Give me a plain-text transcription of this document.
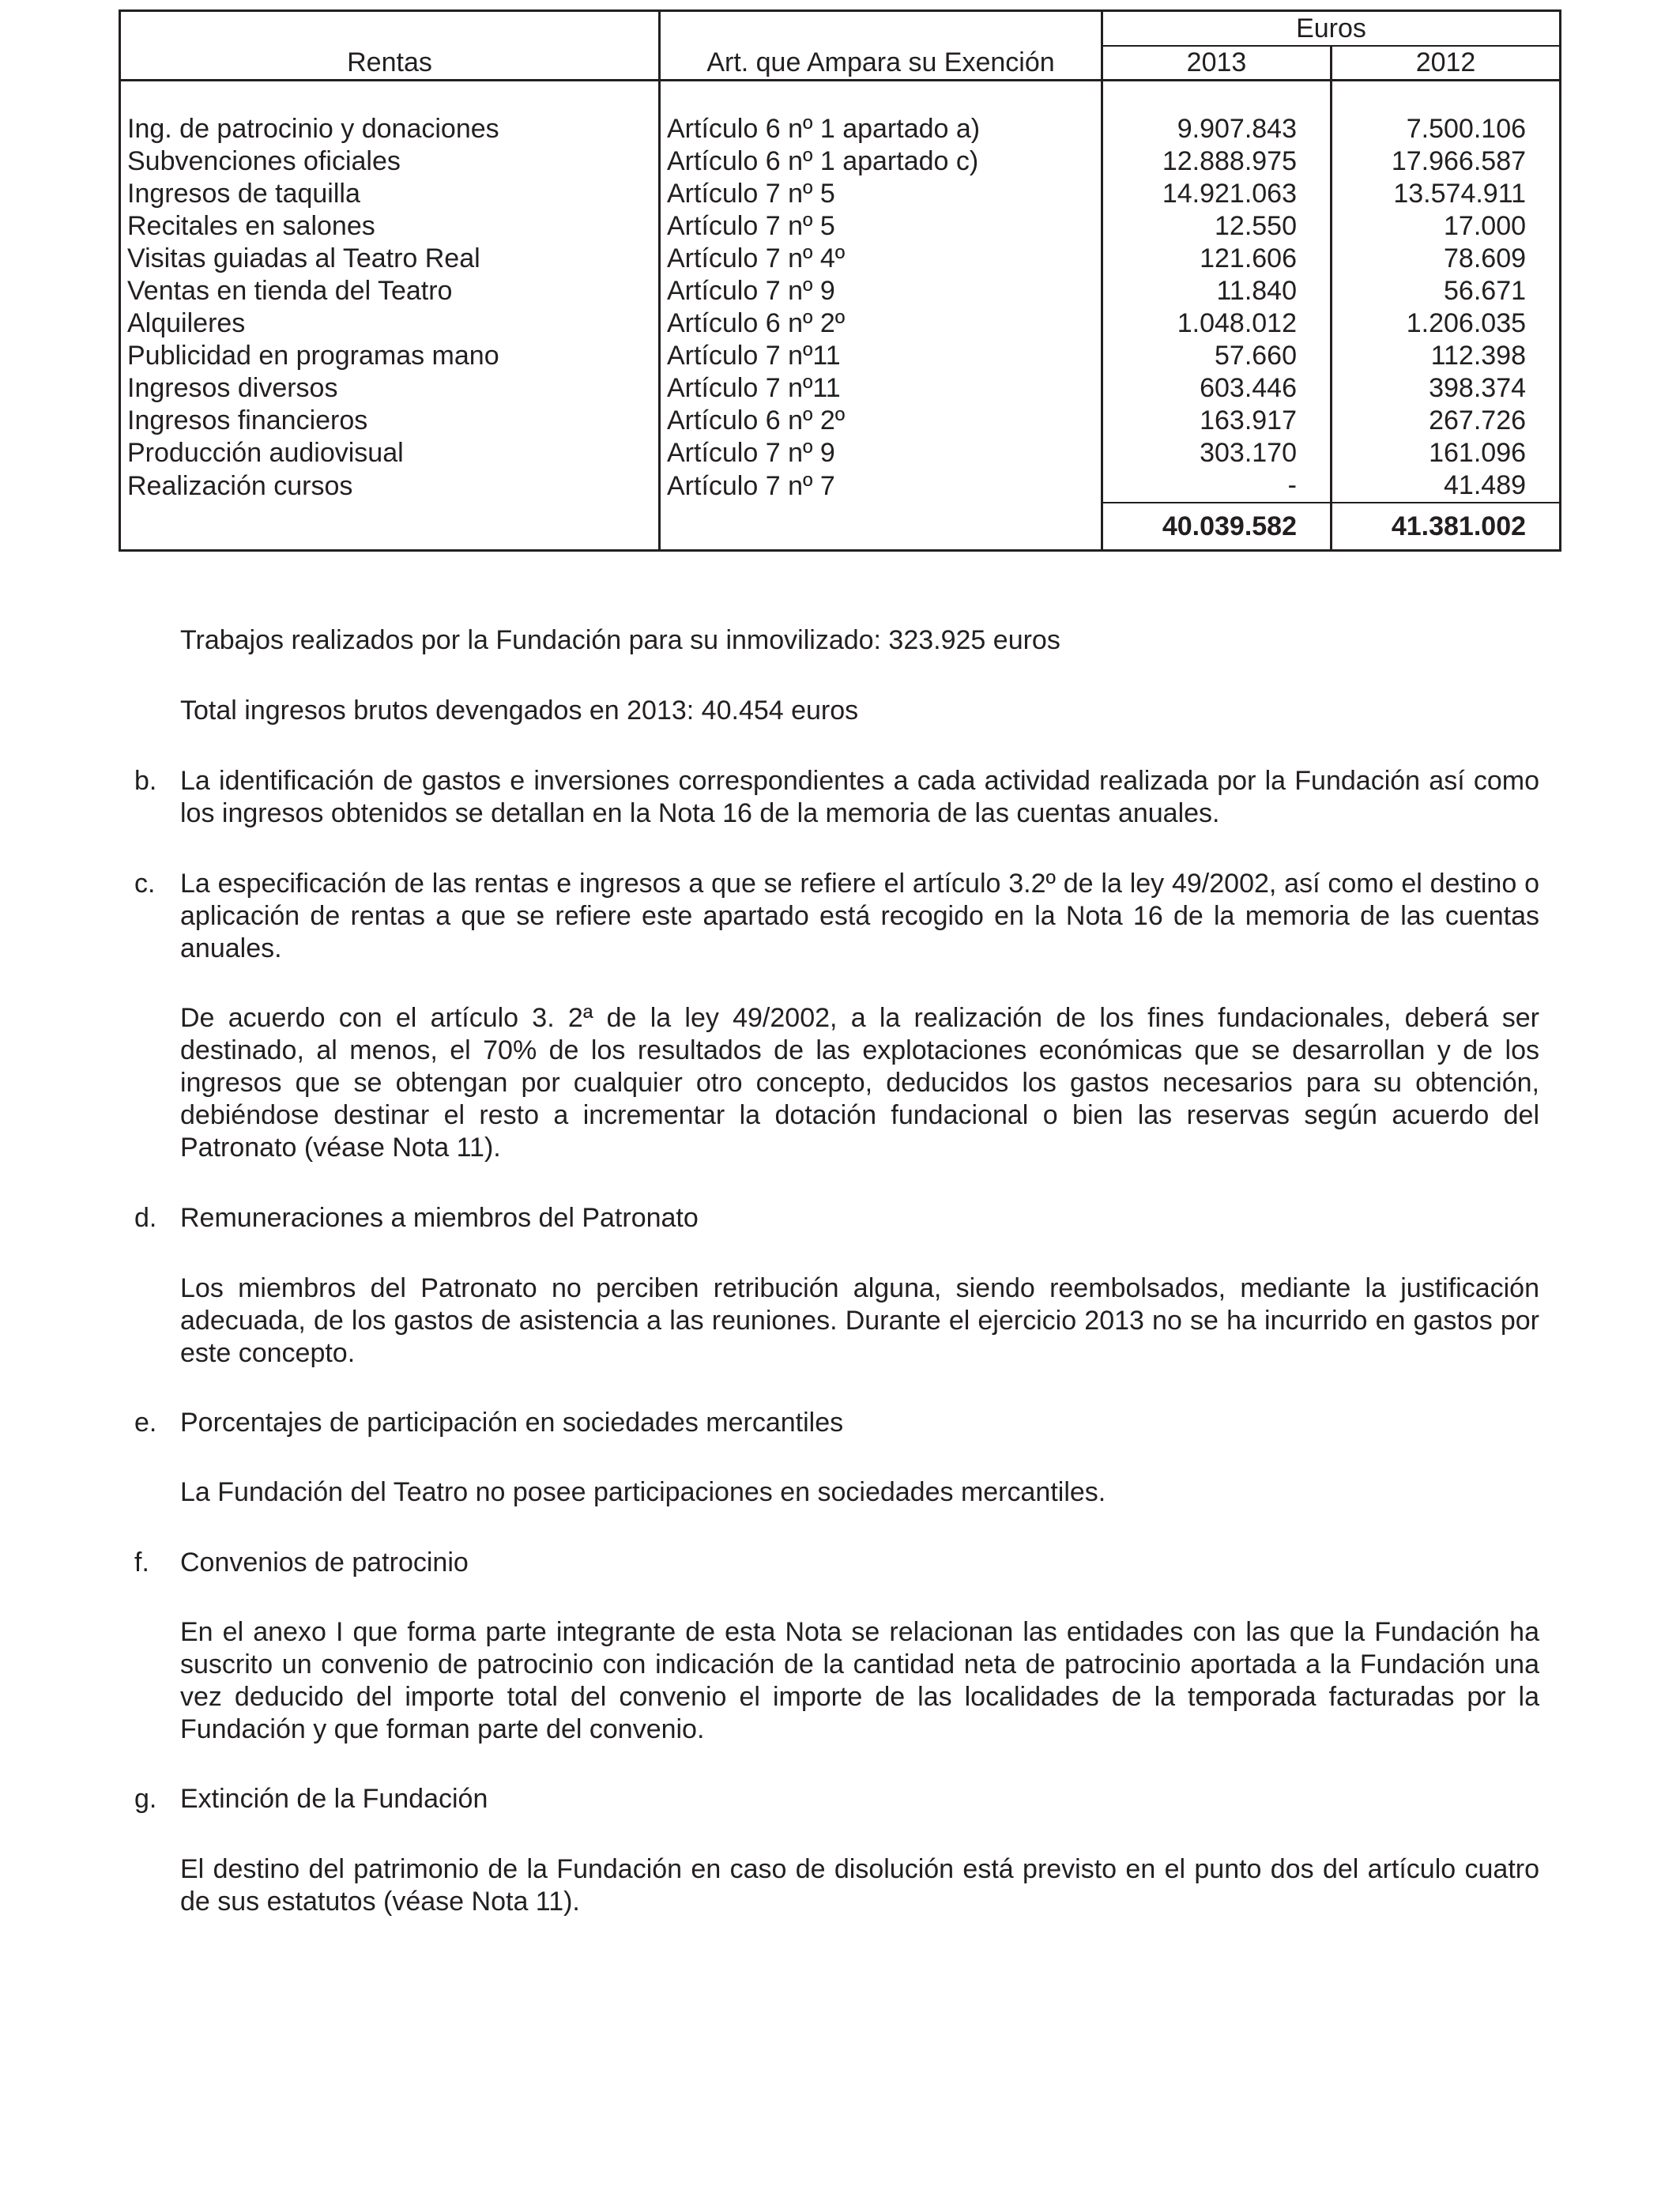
		Euros	
Rentas	Art. que Ampara su Exención	2013	2012

Ing. de patrocinio y donaciones	Artículo 6 nº 1 apartado a)	9.907.843	7.500.106
Subvenciones oficiales	Artículo 6 nº 1 apartado c)	12.888.975	17.966.587
Ingresos de taquilla	Artículo 7 nº 5	14.921.063	13.574.911
Recitales en salones	Artículo 7 nº 5	12.550	17.000
Visitas guiadas al Teatro Real	Artículo 7 nº 4º	121.606	78.609
Ventas en tienda del Teatro	Artículo 7 nº 9	11.840	56.671
Alquileres	Artículo 6 nº 2º	1.048.012	1.206.035
Publicidad en programas mano	Artículo 7 nº11	57.660	112.398
Ingresos diversos	Artículo 7 nº11	603.446	398.374
Ingresos financieros	Artículo 6 nº 2º	163.917	267.726
Producción audiovisual	Artículo 7 nº 9	303.170	161.096
Realización cursos	Artículo 7 nº 7	-	41.489
		40.039.582	41.381.002
Trabajos realizados por la Fundación para su inmovilizado: 323.925 euros
Total ingresos brutos devengados en 2013: 40.454 euros
b. La identificación de gastos e inversiones correspondientes a cada actividad realizada por la Fundación así como los ingresos obtenidos se detallan en la Nota 16 de la memoria de las cuentas anuales.
c. La especificación de las rentas e ingresos a que se refiere el artículo 3.2º de la ley 49/2002, así como el destino o aplicación de rentas a que se refiere este apartado está recogido en la Nota 16 de la memoria de las cuentas anuales.
De acuerdo con el artículo 3. 2ª de la ley 49/2002, a la realización de los fines fundacionales, deberá ser destinado, al menos, el 70% de los resultados de las explotaciones económicas que se desarrollan y de los ingresos que se obtengan por cualquier otro concepto, deducidos los gastos necesarios para su obtención, debiéndose destinar el resto a incrementar la dotación fundacional o bien las reservas según acuerdo del Patronato (véase Nota 11).
d. Remuneraciones a miembros del Patronato
Los miembros del Patronato no perciben retribución alguna, siendo reembolsados, mediante la justificación adecuada, de los gastos de asistencia a las reuniones. Durante el ejercicio 2013 no se ha incurrido en gastos por este concepto.
e. Porcentajes de participación en sociedades mercantiles
La Fundación del Teatro no posee participaciones en sociedades mercantiles.
f.	Convenios de patrocinio
En el anexo I que forma parte integrante de esta Nota se relacionan las entidades con las que la Fundación ha suscrito un convenio de patrocinio con indicación de la cantidad neta de patrocinio aportada a la Fundación una vez deducido del importe total del convenio el importe de las localidades de la temporada facturadas por la Fundación y que forman parte del convenio.
g. Extinción de la Fundación
El destino del patrimonio de la Fundación en caso de disolución está previsto en el punto dos del artículo cuatro de sus estatutos (véase Nota 11).
